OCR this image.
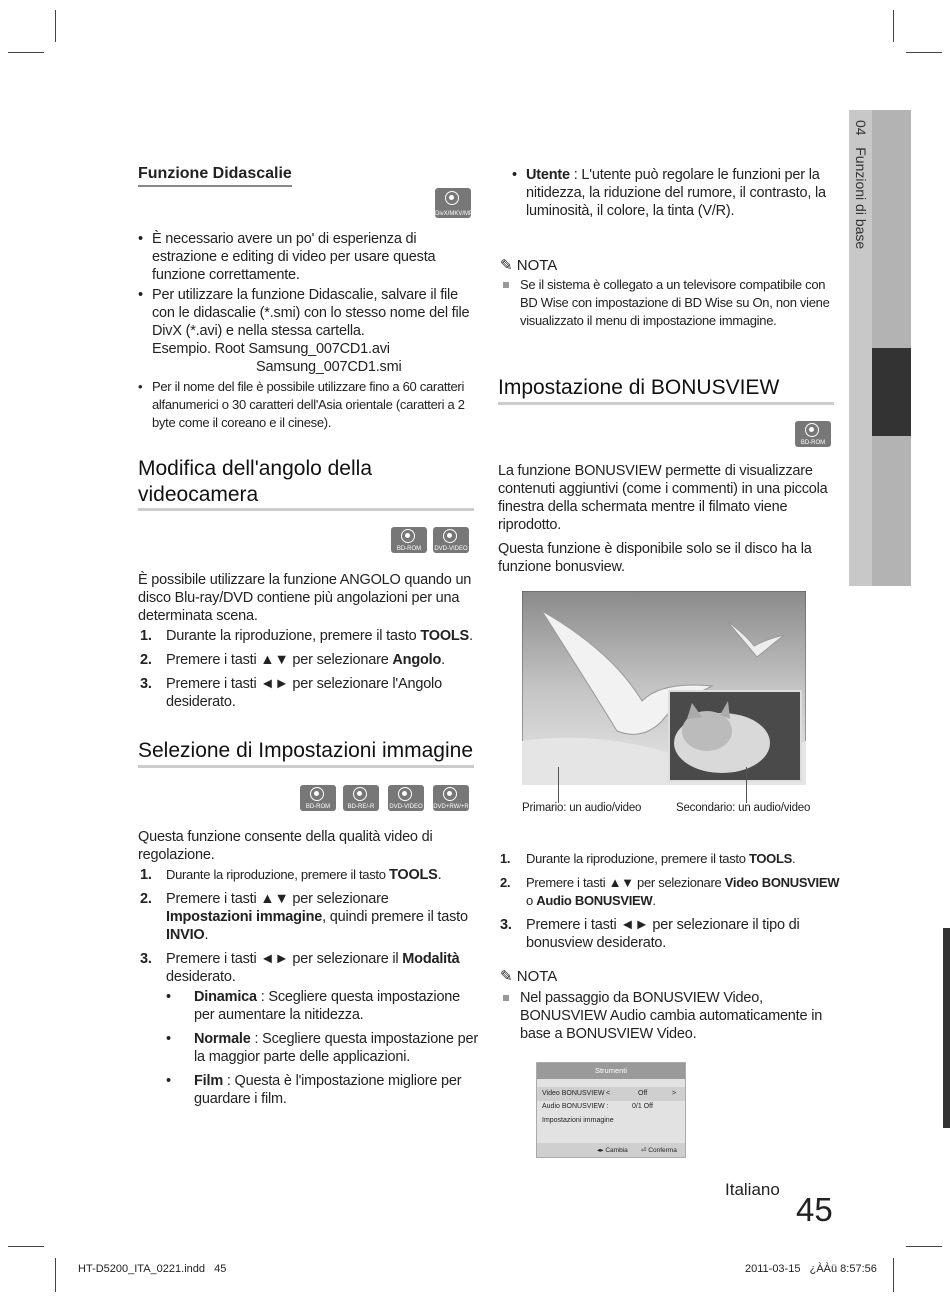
04   Funzioni di base
Funzione Didascalie
DivX/MKV/MP4
• È necessario avere un po' di esperienza di estrazione e editing di video per usare questa funzione correttamente.
• Per utilizzare la funzione Didascalie, salvare il file con le didascalie (*.smi) con lo stesso nome del file DivX (*.avi) e nella stessa cartella.
Esempio. Root Samsung_007CD1.avi
Samsung_007CD1.smi
• Per il nome del file è possibile utilizzare fino a 60 caratteri alfanumerici o 30 caratteri dell'Asia orientale (caratteri a 2 byte come il coreano e il cinese).
Modifica dell'angolo della videocamera
BD-ROM	DVD-VIDEO
È possibile utilizzare la funzione ANGOLO quando un disco Blu-ray/DVD contiene più angolazioni per una determinata scena.
1. Durante la riproduzione, premere il tasto TOOLS.
2. Premere i tasti ▲▼ per selezionare Angolo.
3. Premere i tasti ◄► per selezionare l'Angolo desiderato.
Selezione di Impostazioni immagine
BD-ROM	BD-RE/-R	DVD-VIDEO DVD+RW/+R
Questa funzione consente della qualità video di regolazione.
1. Durante la riproduzione, premere il tasto TOOLS.
2. Premere i tasti ▲▼ per selezionare Impostazioni immagine, quindi premere il tasto INVIO.
3. Premere i tasti ◄► per selezionare il Modalità desiderato.
• Dinamica : Scegliere questa impostazione per aumentare la nitidezza.
• Normale : Scegliere questa impostazione per la maggior parte delle applicazioni.
• Film : Questa è l'impostazione migliore per guardare i film.
• Utente : L'utente può regolare le funzioni per la nitidezza, la riduzione del rumore, il contrasto, la luminosità, il colore, la tinta (V/R).
✎ NOTA
Se il sistema è collegato a un televisore compatibile con BD Wise con impostazione di BD Wise su On, non viene visualizzato il menu di impostazione immagine.
Impostazione di BONUSVIEW
BD-ROM
La funzione BONUSVIEW permette di visualizzare contenuti aggiuntivi (come i commenti) in una piccola finestra della schermata mentre il filmato viene riprodotto.
Questa funzione è disponibile solo se il disco ha la funzione bonusview.
Primario: un audio/video	Secondario: un audio/video
1. Durante la riproduzione, premere il tasto TOOLS.
2. Premere i tasti ▲▼ per selezionare Video BONUSVIEW o Audio BONUSVIEW.
3. Premere i tasti ◄► per selezionare il tipo di bonusview desiderato.
✎ NOTA
Nel passaggio da BONUSVIEW Video, BONUSVIEW Audio cambia automaticamente in base a BONUSVIEW Video.
Strumenti
Video BONUSVIEW <	Off	>
Audio BONUSVIEW :	0/1 Off
Impostazioni immagine
◂▸ Cambia ⏎ Conferma
Italiano
45
HT-D5200_ITA_0221.indd   45	2011-03-15   ¿ÀÀü 8:57:56
